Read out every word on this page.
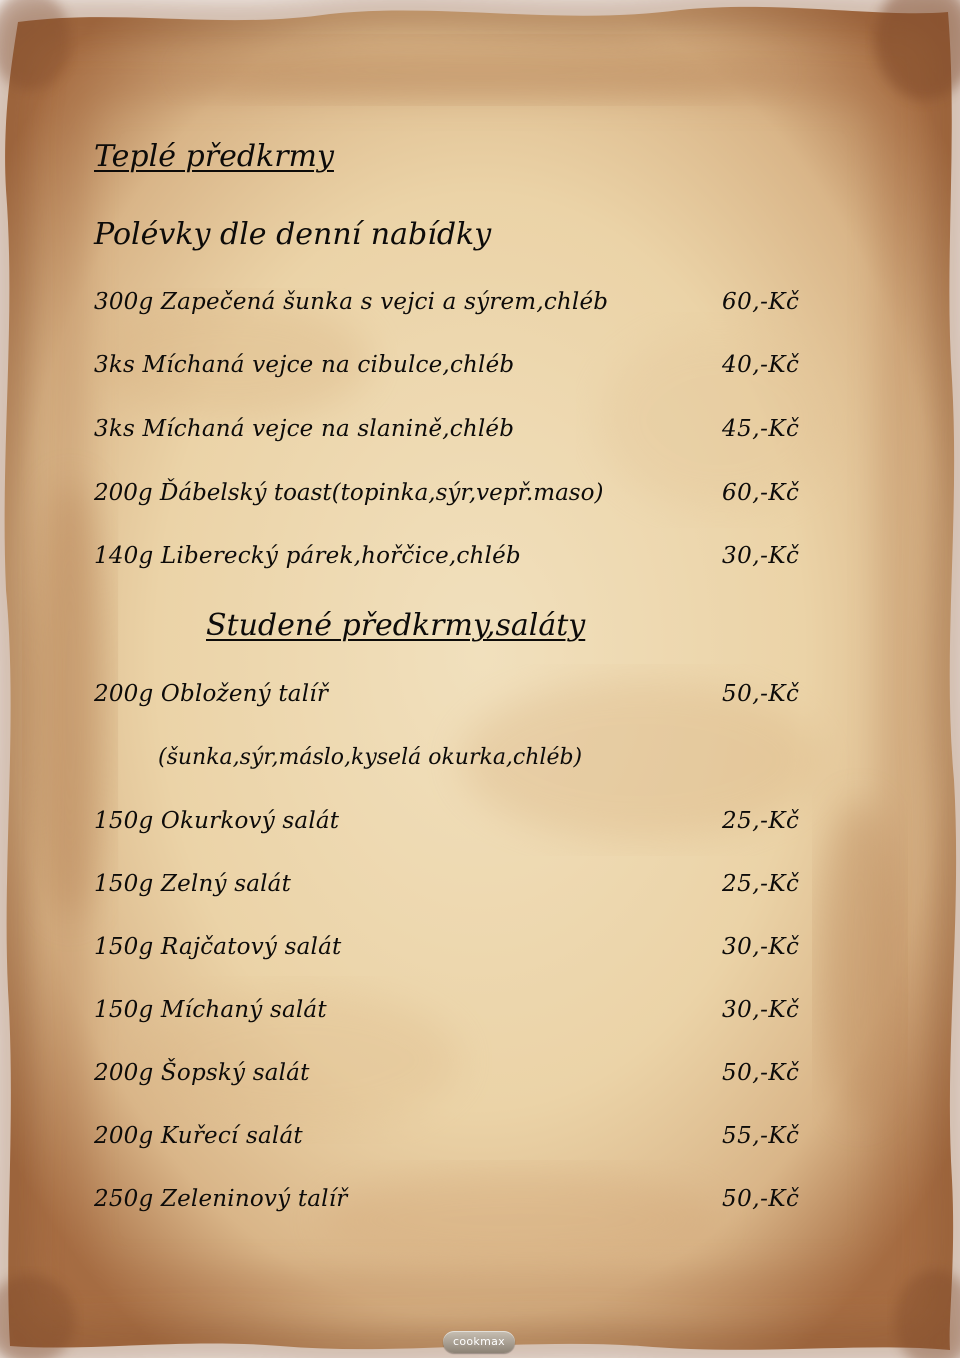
Teplé předkrmy
Polévky dle denní nabídky
300g Zapečená šunka s vejci a sýrem,chléb	60,-Kč
3ks Míchaná vejce na cibulce,chléb	40,-Kč
3ks Míchaná vejce na slanině,chléb	45,-Kč
200g Ďábelský toast(topinka,sýr,vepř.maso)	60,-Kč
140g Liberecký párek,hořčice,chléb	30,-Kč
Studené předkrmy,saláty
200g Obložený talíř	50,-Kč
(šunka,sýr,máslo,kyselá okurka,chléb)
150g Okurkový salát	25,-Kč
150g Zelný salát	25,-Kč
150g Rajčatový salát	30,-Kč
150g Míchaný salát	30,-Kč
200g Šopský salát	50,-Kč
200g Kuřecí salát	55,-Kč
250g Zeleninový talíř	50,-Kč
cookmax
